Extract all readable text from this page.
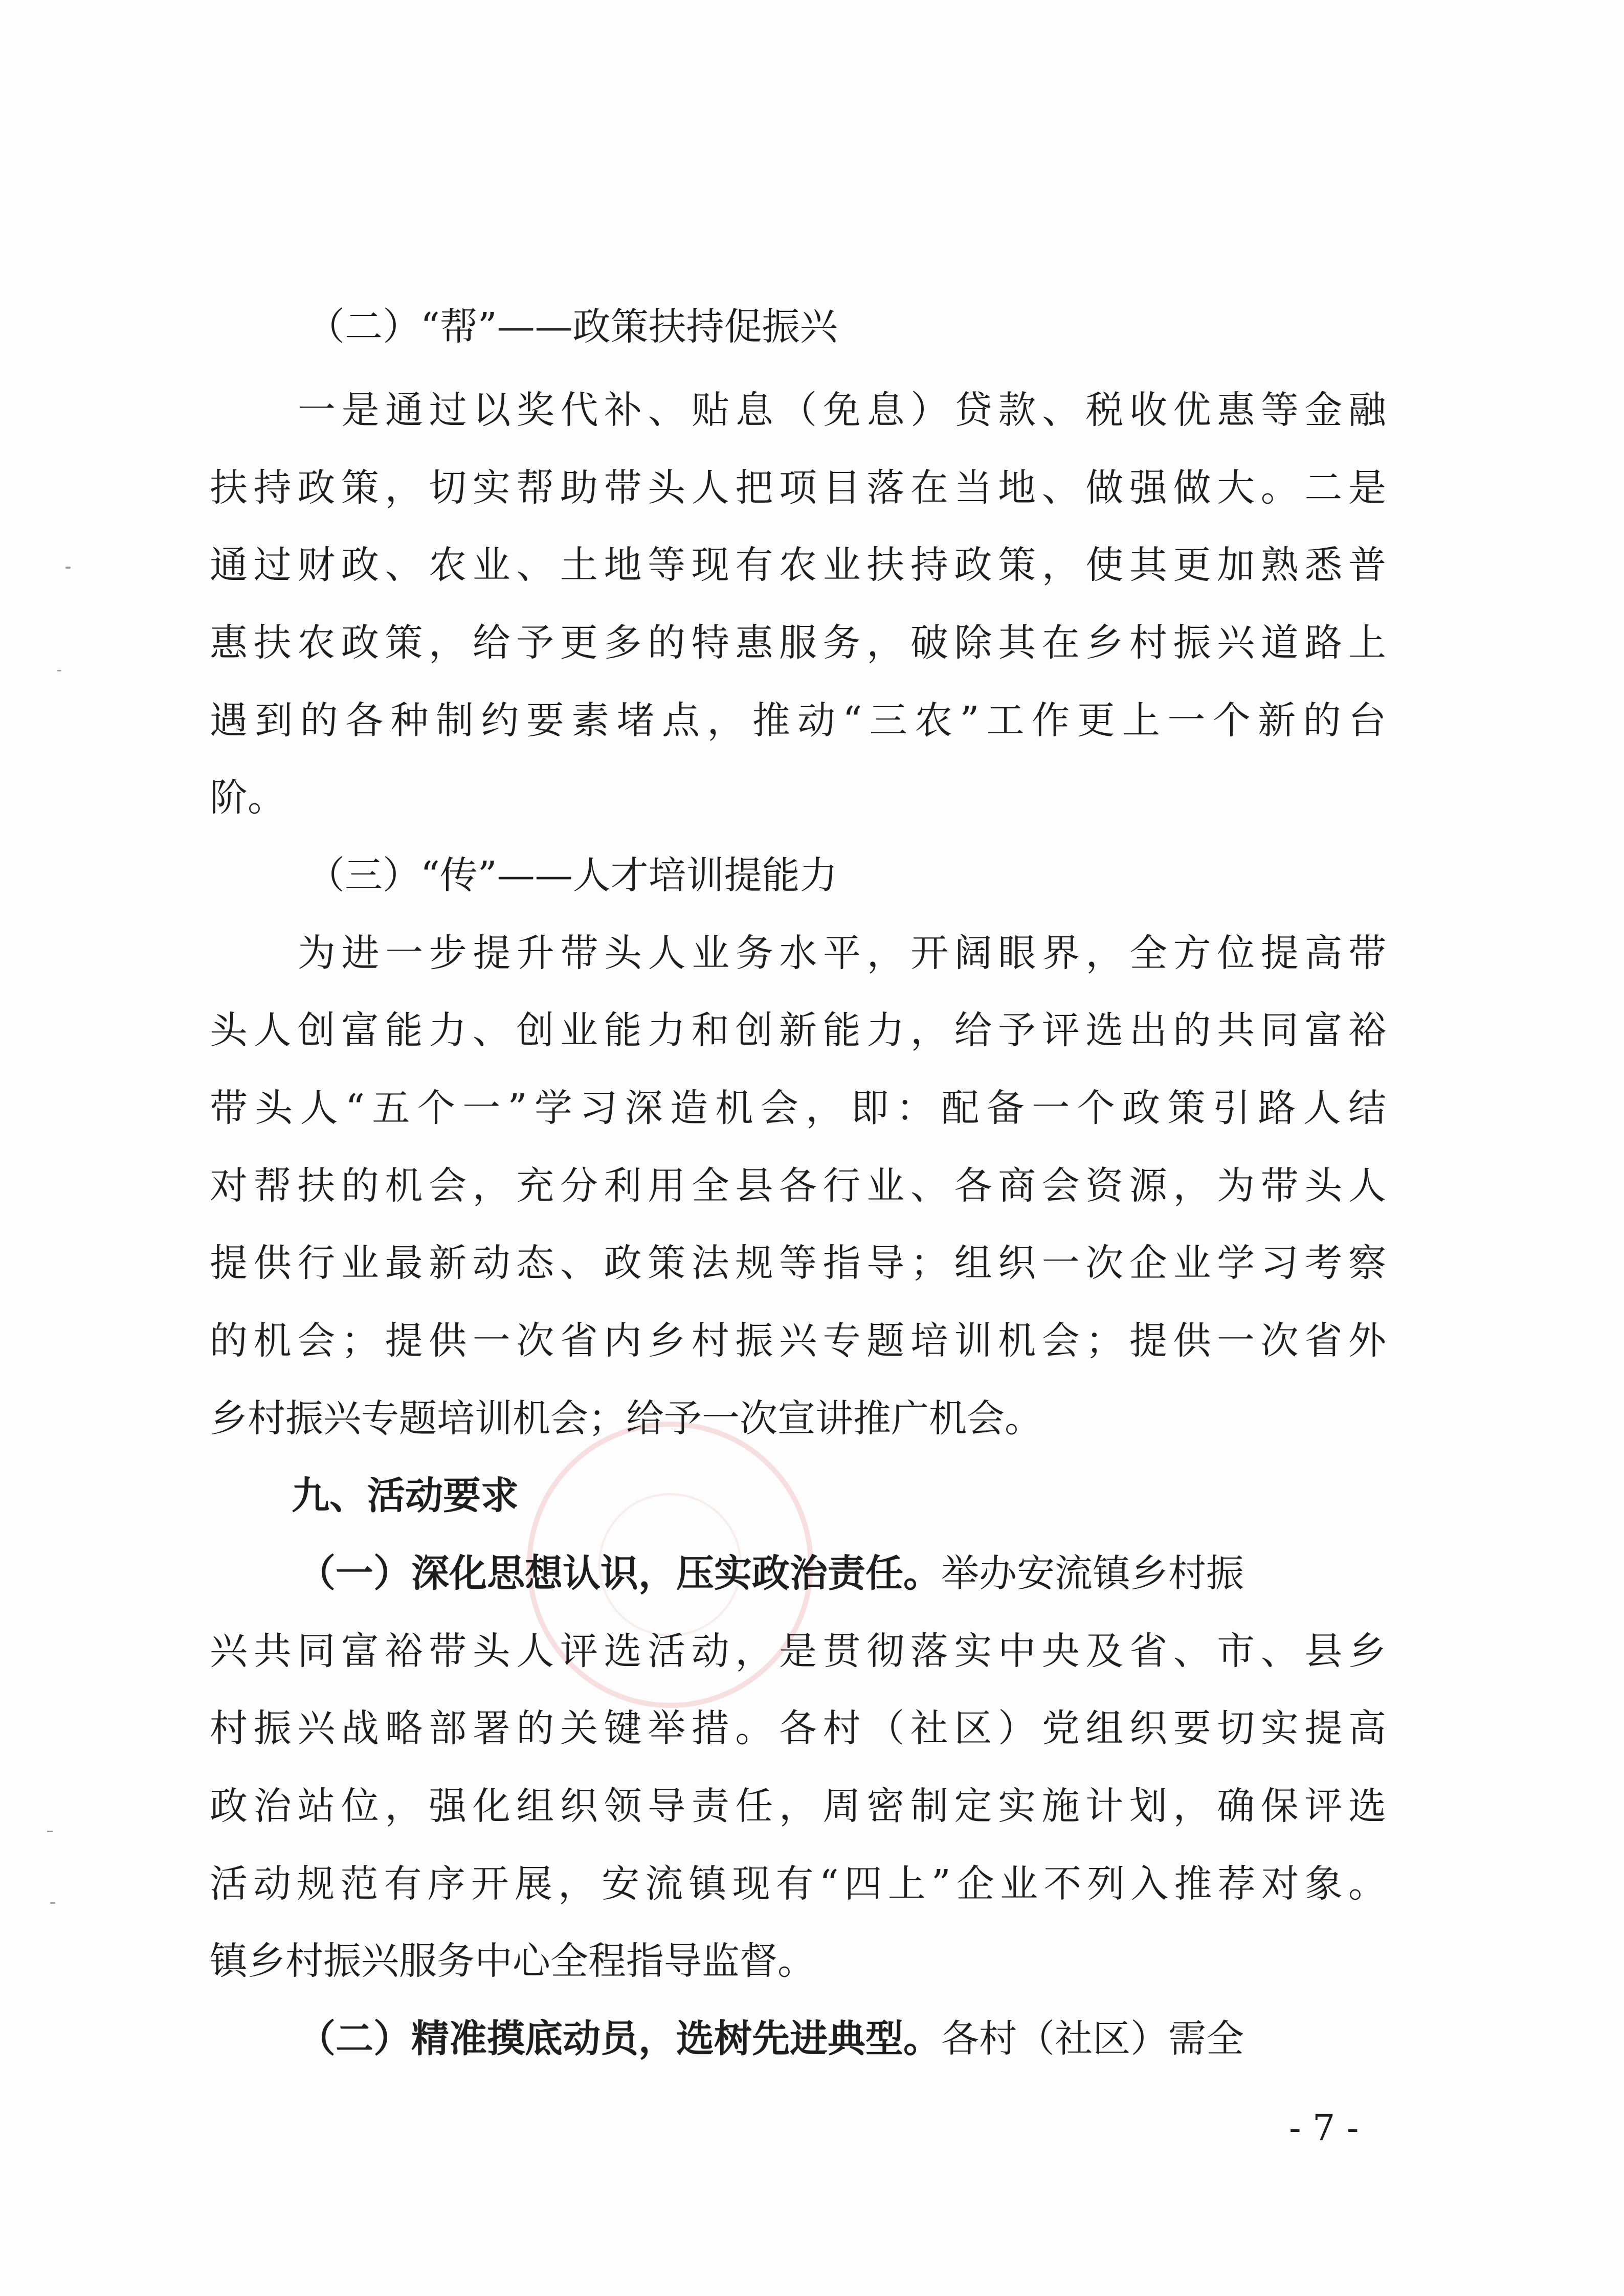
（二）“帮”——政策扶持促振兴
一是通过以奖代补、贴息（免息）贷款、税收优惠等金融
扶持政策，切实帮助带头人把项目落在当地、做强做大。二是
通过财政、农业、土地等现有农业扶持政策，使其更加熟悉普
惠扶农政策，给予更多的特惠服务，破除其在乡村振兴道路上
遇到的各种制约要素堵点，推动“三农”工作更上一个新的台
阶。
（三）“传”——人才培训提能力
为进一步提升带头人业务水平，开阔眼界，全方位提高带
头人创富能力、创业能力和创新能力，给予评选出的共同富裕
带头人“五个一”学习深造机会，即：配备一个政策引路人结
对帮扶的机会，充分利用全县各行业、各商会资源，为带头人
提供行业最新动态、政策法规等指导；组织一次企业学习考察
的机会；提供一次省内乡村振兴专题培训机会；提供一次省外
乡村振兴专题培训机会；给予一次宣讲推广机会。
九、活动要求
（一）深化思想认识，压实政治责任。举办安流镇乡村振
兴共同富裕带头人评选活动，是贯彻落实中央及省、市、县乡
村振兴战略部署的关键举措。各村（社区）党组织要切实提高
政治站位，强化组织领导责任，周密制定实施计划，确保评选
活动规范有序开展，安流镇现有“四上”企业不列入推荐对象。
镇乡村振兴服务中心全程指导监督。
（二）精准摸底动员，选树先进典型。各村（社区）需全
- 7 -
